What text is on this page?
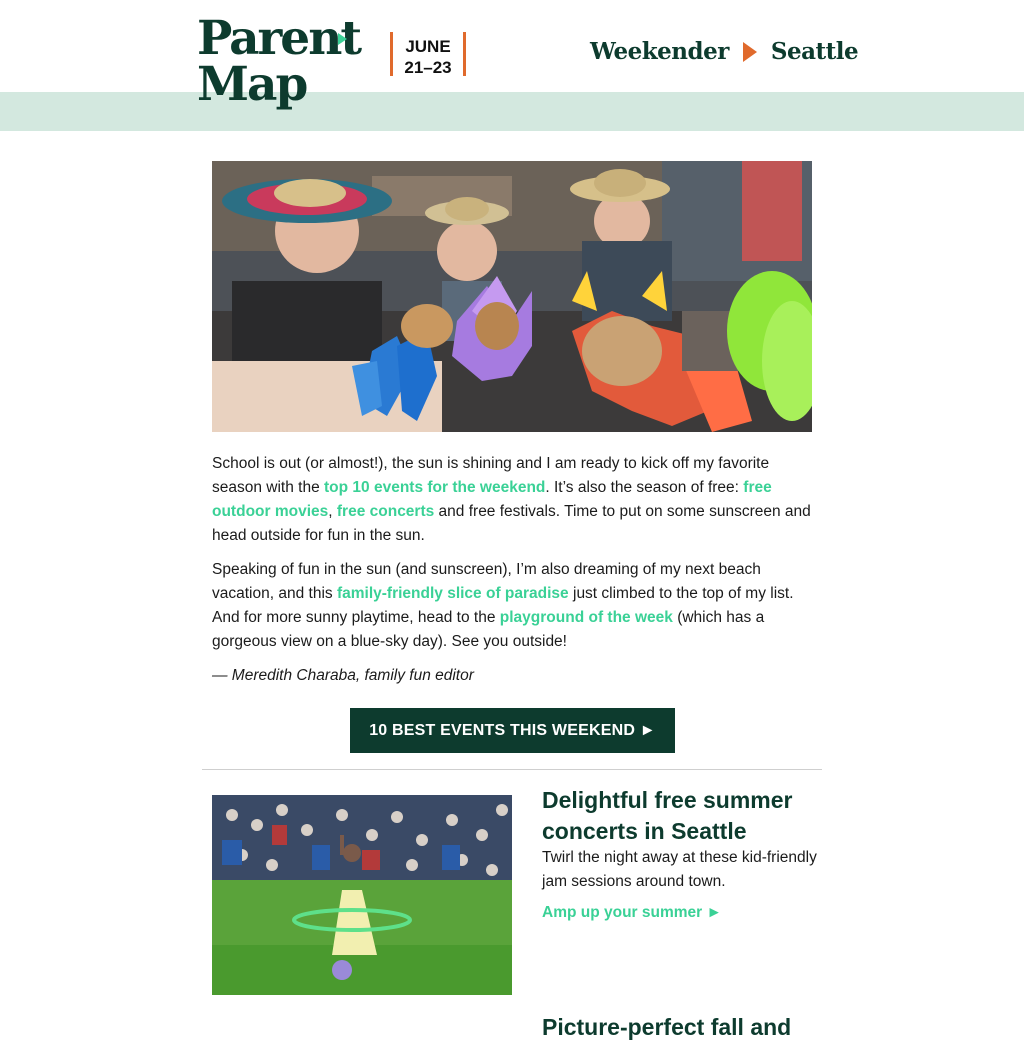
Parent
Map
JUNE
21–23
Weekender Seattle

School is out (or almost!), the sun is shining and I am ready to kick off my favorite season with the top 10 events for the weekend. It’s also the season of free: free outdoor movies, free concerts and free festivals. Time to put on some sunscreen and head outside for fun in the sun.

Speaking of fun in the sun (and sunscreen), I’m also dreaming of my next beach vacation, and this family-friendly slice of paradise just climbed to the top of my list. And for more sunny playtime, head to the playground of the week (which has a gorgeous view on a blue-sky day). See you outside!

— Meredith Charaba, family fun editor

10 BEST EVENTS THIS WEEKEND ►
Delightful free summer concerts in Seattle
Twirl the night away at these kid-friendly jam sessions around town.
Amp up your summer ►
Picture-perfect fall and
